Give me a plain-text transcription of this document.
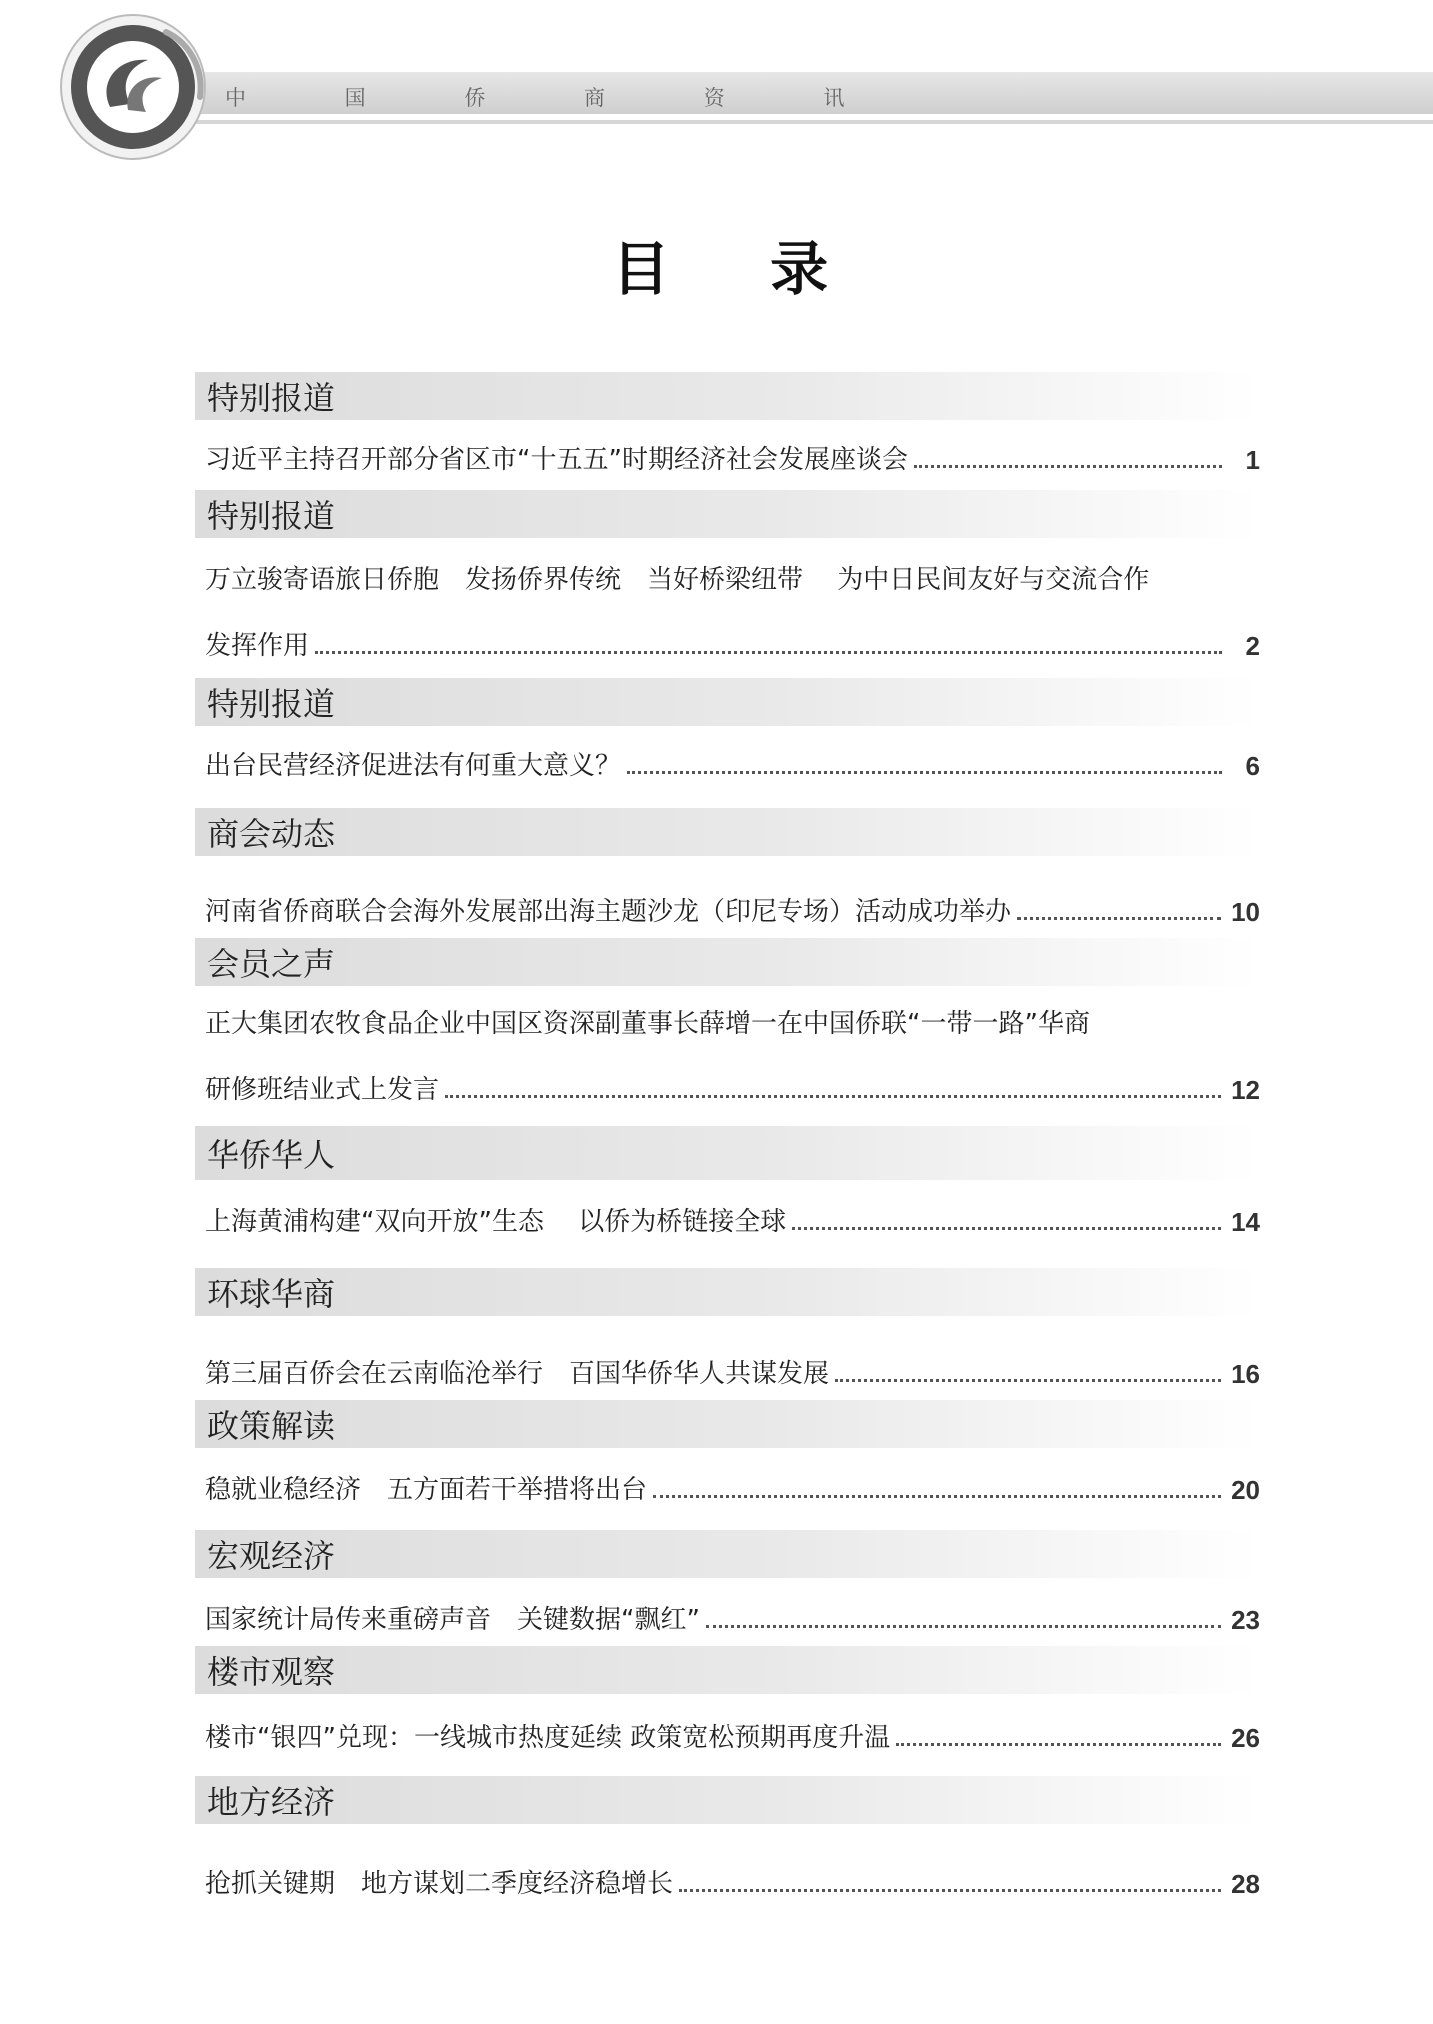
中 国 侨 商 资 讯
目 录
特别报道
习近平主持召开部分省区市“十五五”时期经济社会发展座谈会	1
特别报道
万立骏寄语旅日侨胞　发扬侨界传统　当好桥梁纽带　 为中日民间友好与交流合作
发挥作用	2
特别报道
出台民营经济促进法有何重大意义？	6
商会动态
河南省侨商联合会海外发展部出海主题沙龙（印尼专场）活动成功举办	10
会员之声
正大集团农牧食品企业中国区资深副董事长薛增一在中国侨联“一带一路”华商
研修班结业式上发言	12
华侨华人
上海黄浦构建“双向开放”生态　 以侨为桥链接全球	14
环球华商
第三届百侨会在云南临沧举行　百国华侨华人共谋发展	16
政策解读
稳就业稳经济　五方面若干举措将出台	20
宏观经济
国家统计局传来重磅声音　关键数据“飘红”	23
楼市观察
楼市“银四”兑现：一线城市热度延续 政策宽松预期再度升温	26
地方经济
抢抓关键期　地方谋划二季度经济稳增长	28
